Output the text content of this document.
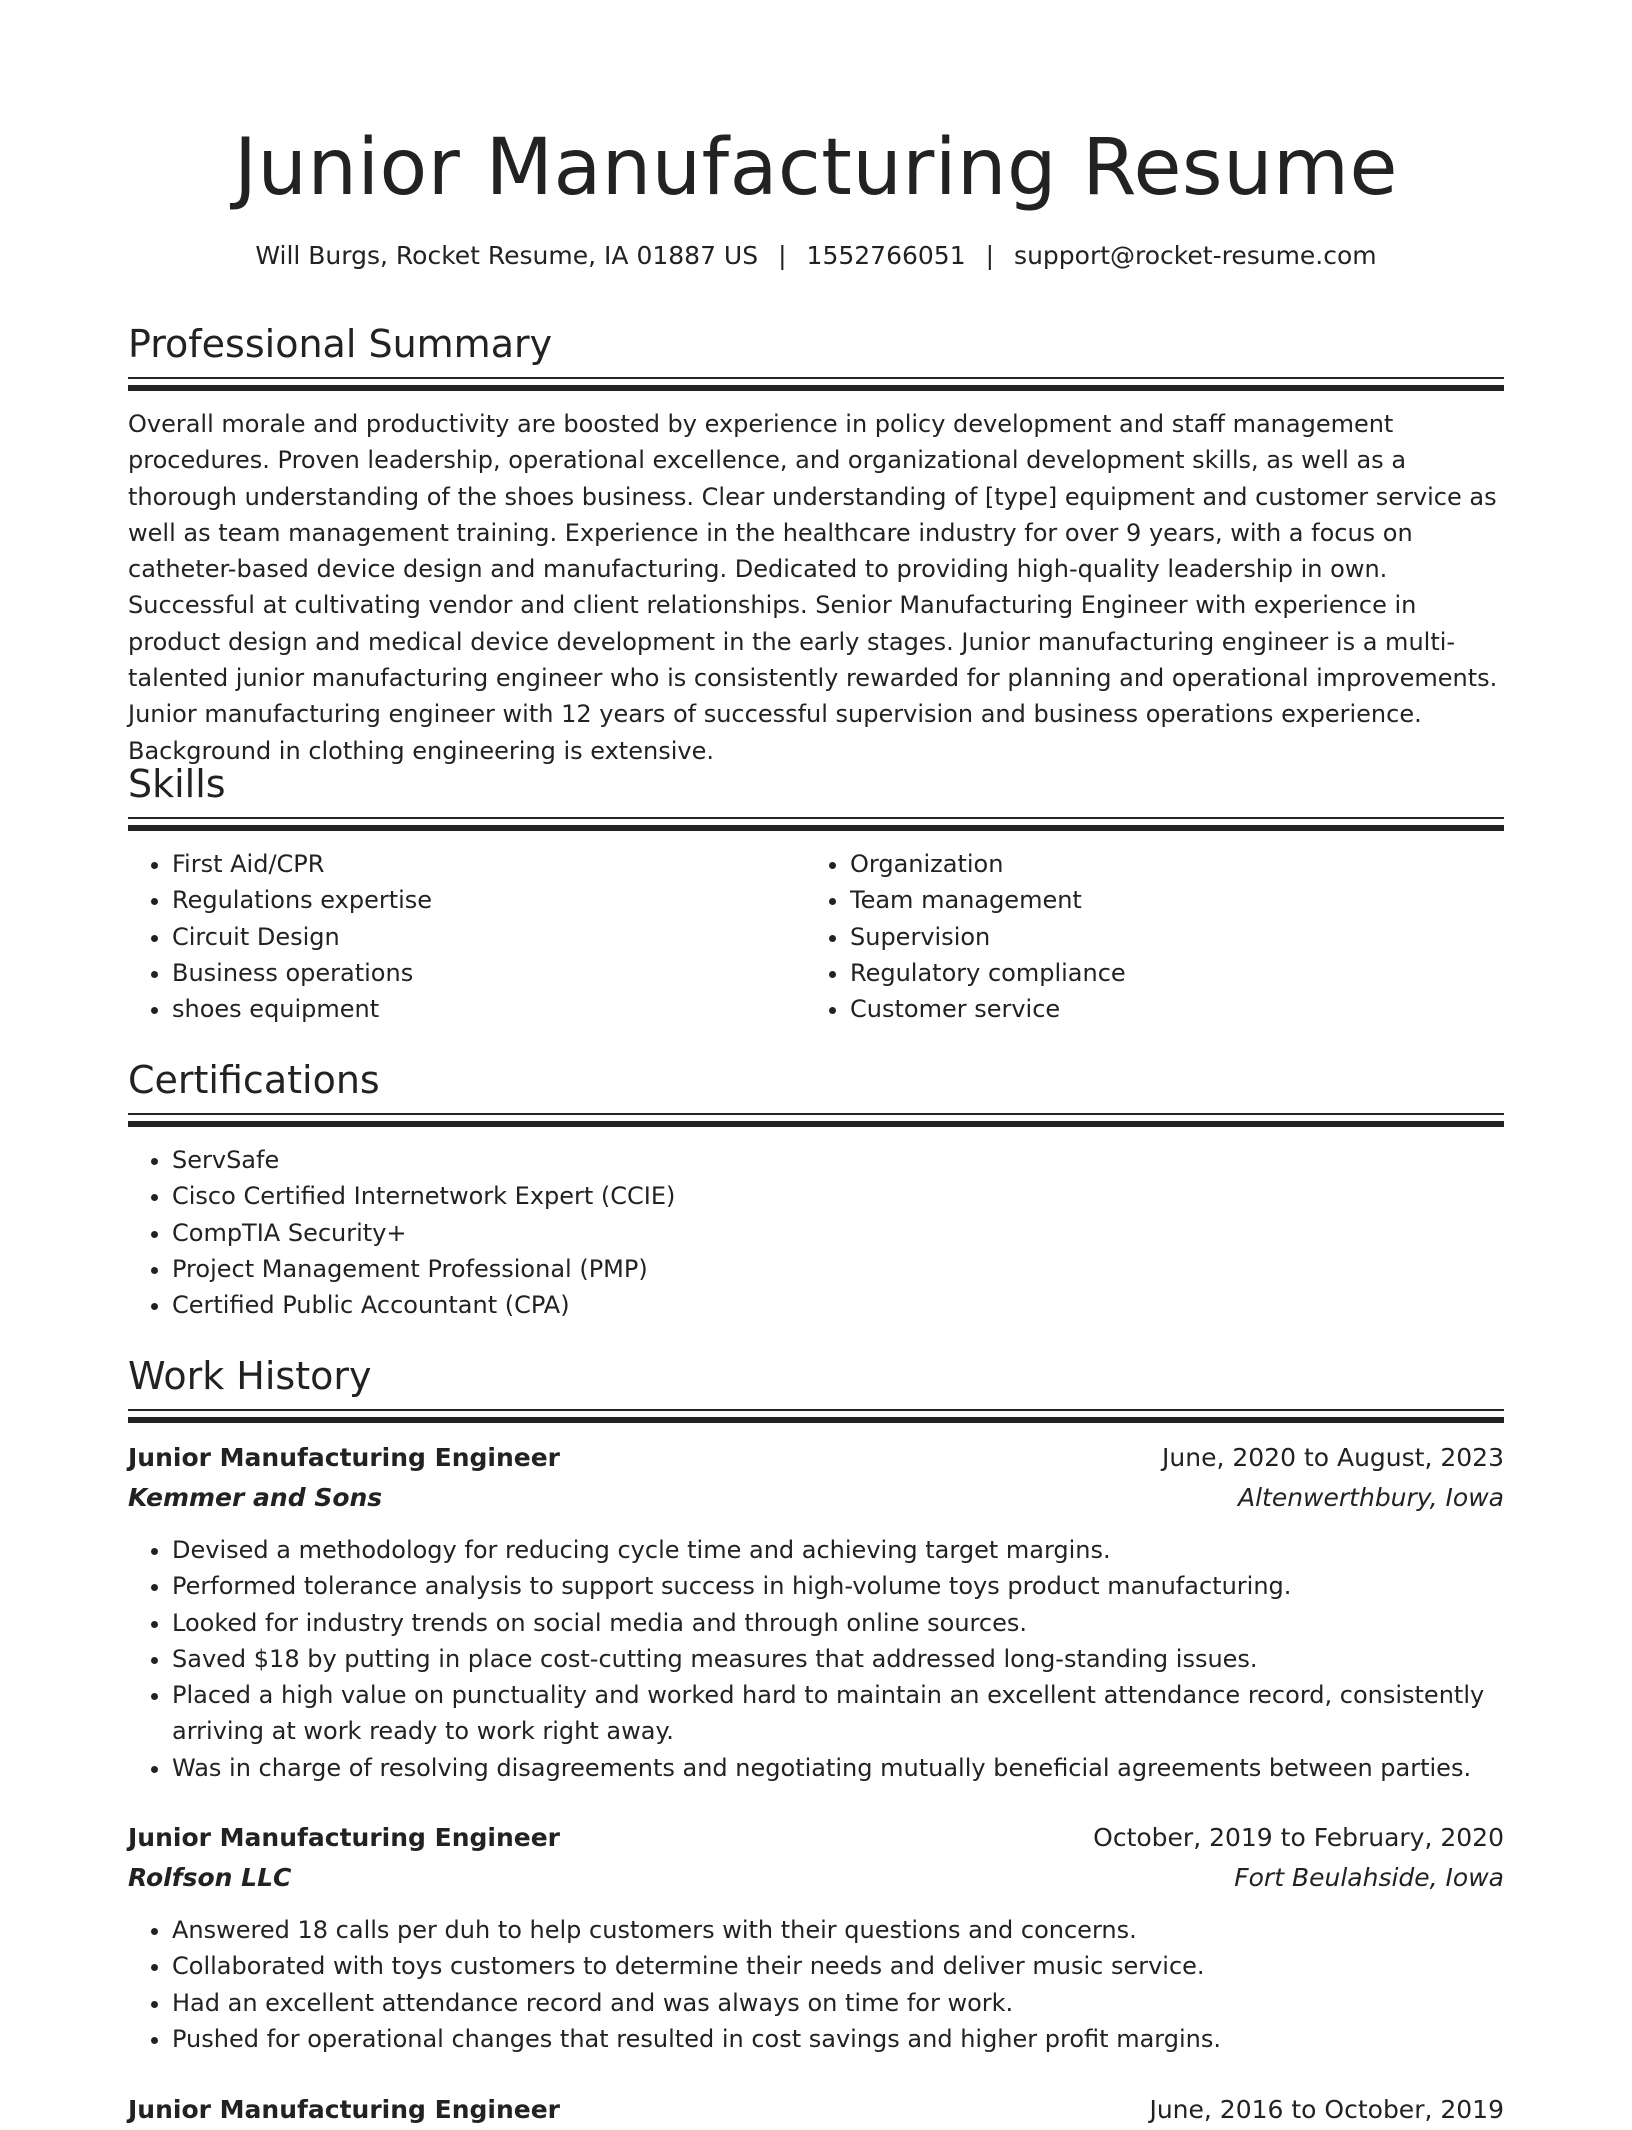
Junior Manufacturing Resume
Will Burgs, Rocket Resume, IA 01887 US | 1552766051 | support@rocket-resume.com
Professional Summary

Overall morale and productivity are boosted by experience in policy development and staff management procedures. Proven leadership, operational excellence, and organizational development skills, as well as a thorough understanding of the shoes business. Clear understanding of [type] equipment and customer service as well as team management training. Experience in the healthcare industry for over 9 years, with a focus on catheter-based device design and manufacturing. Dedicated to providing high-quality leadership in own. Successful at cultivating vendor and client relationships. Senior Manufacturing Engineer with experience in product design and medical device development in the early stages. Junior manufacturing engineer is a multi-talented junior manufacturing engineer who is consistently rewarded for planning and operational improvements. Junior manufacturing engineer with 12 years of successful supervision and business operations experience. Background in clothing engineering is extensive.

Skills
• First Aid/CPR
• Regulations expertise
• Circuit Design
• Business operations
• shoes equipment
• Organization
• Team management
• Supervision
• Regulatory compliance
• Customer service
Certifications
• ServSafe
• Cisco Certified Internetwork Expert (CCIE)
• CompTIA Security+
• Project Management Professional (PMP)
• Certified Public Accountant (CPA)
Work History
Junior Manufacturing Engineer	June, 2020 to August, 2023
Kemmer and Sons	Altenwerthbury, Iowa
• Devised a methodology for reducing cycle time and achieving target margins.
• Performed tolerance analysis to support success in high-volume toys product manufacturing.
• Looked for industry trends on social media and through online sources.
• Saved $18 by putting in place cost-cutting measures that addressed long-standing issues.
• Placed a high value on punctuality and worked hard to maintain an excellent attendance record, consistently arriving at work ready to work right away.
• Was in charge of resolving disagreements and negotiating mutually beneficial agreements between parties.
Junior Manufacturing Engineer	October, 2019 to February, 2020
Rolfson LLC	Fort Beulahside, Iowa
• Answered 18 calls per duh to help customers with their questions and concerns.
• Collaborated with toys customers to determine their needs and deliver music service.
• Had an excellent attendance record and was always on time for work.
• Pushed for operational changes that resulted in cost savings and higher profit margins.
Junior Manufacturing Engineer	June, 2016 to October, 2019
